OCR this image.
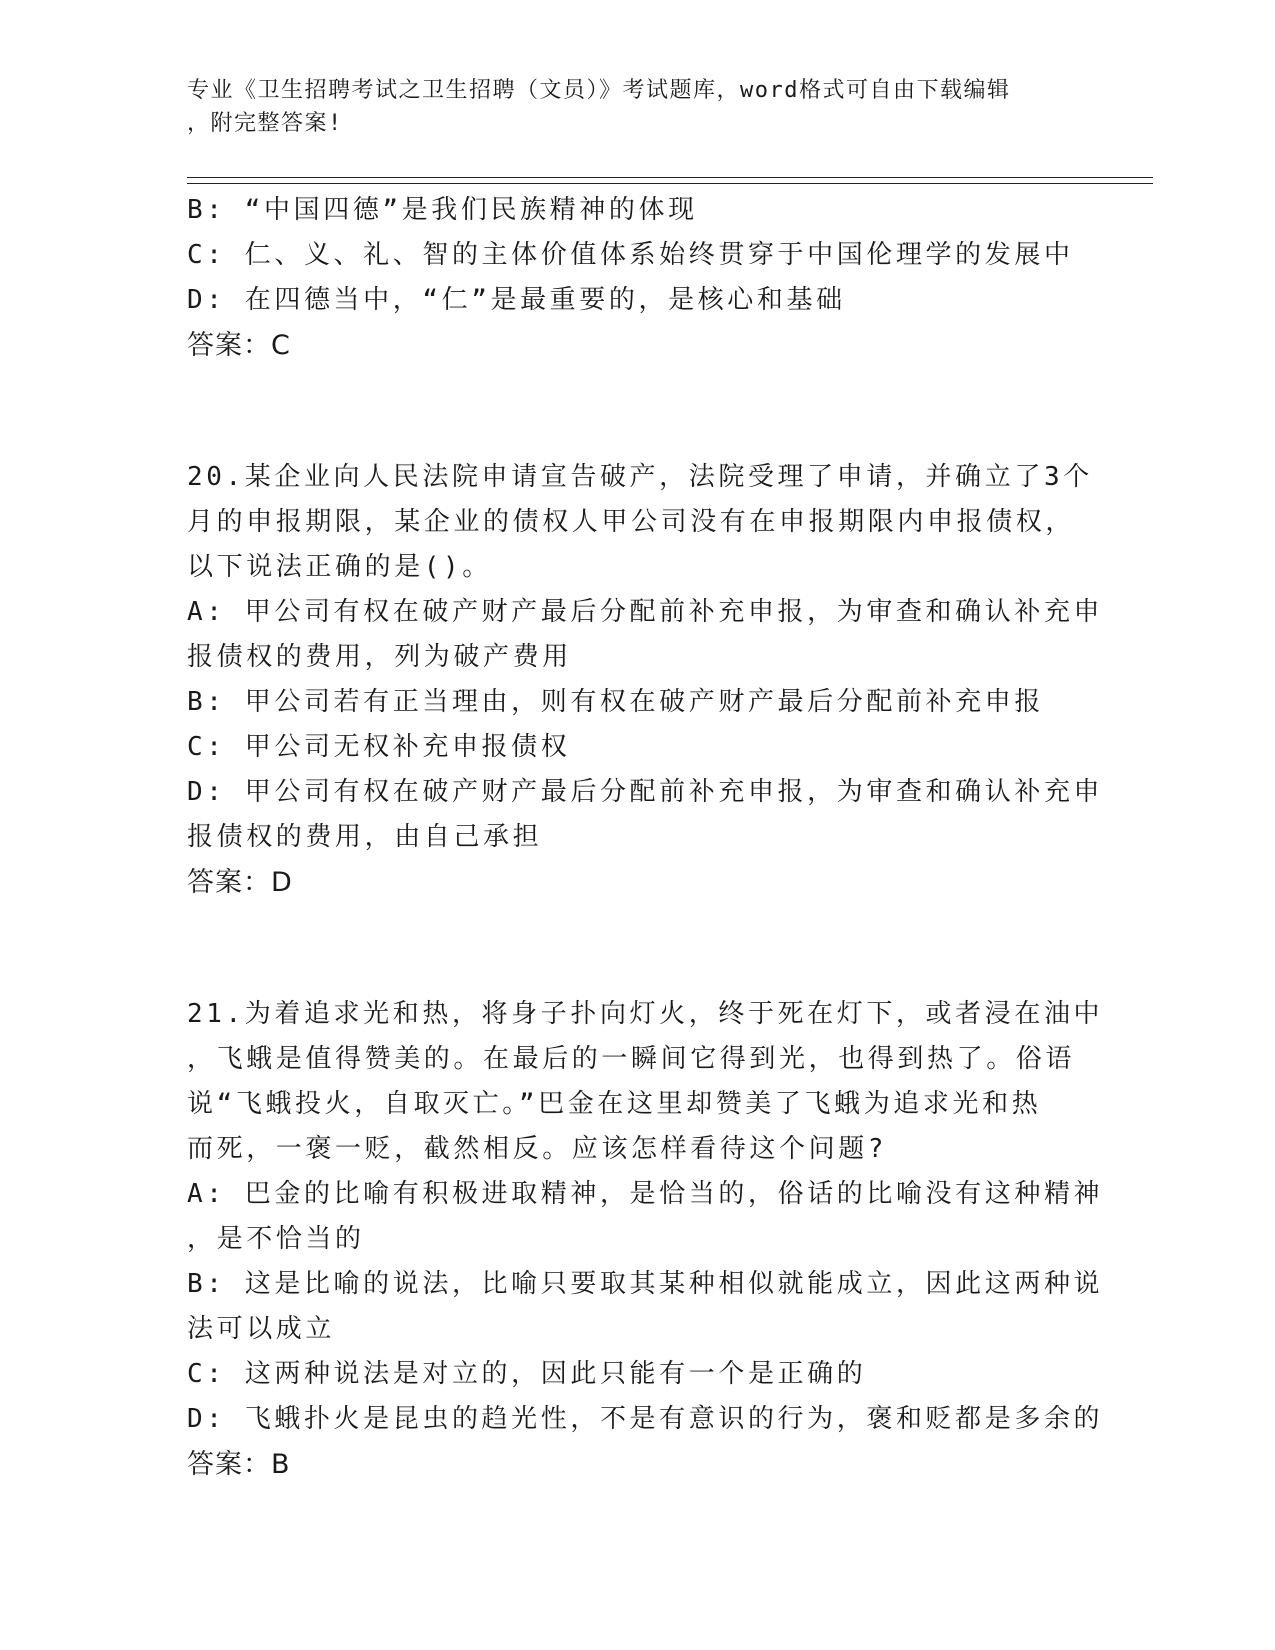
专业《卫生招聘考试之卫生招聘（文员）》考试题库，word格式可自由下载编辑
，附完整答案!
B: “中国四德”是我们民族精神的体现
C: 仁、义、礼、智的主体价值体系始终贯穿于中国伦理学的发展中
D: 在四德当中，“仁”是最重要的，是核心和基础
答案：C
20.某企业向人民法院申请宣告破产，法院受理了申请，并确立了3个
月的申报期限，某企业的债权人甲公司没有在申报期限内申报债权，
以下说法正确的是()。
A: 甲公司有权在破产财产最后分配前补充申报，为审查和确认补充申
报债权的费用，列为破产费用
B: 甲公司若有正当理由，则有权在破产财产最后分配前补充申报
C: 甲公司无权补充申报债权
D: 甲公司有权在破产财产最后分配前补充申报，为审查和确认补充申
报债权的费用，由自己承担
答案：D
21.为着追求光和热，将身子扑向灯火，终于死在灯下，或者浸在油中
，飞蛾是值得赞美的。在最后的一瞬间它得到光，也得到热了。俗语
说“飞蛾投火，自取灭亡。”巴金在这里却赞美了飞蛾为追求光和热
而死，一褒一贬，截然相反。应该怎样看待这个问题?
A: 巴金的比喻有积极进取精神，是恰当的，俗话的比喻没有这种精神
，是不恰当的
B: 这是比喻的说法，比喻只要取其某种相似就能成立，因此这两种说
法可以成立
C: 这两种说法是对立的，因此只能有一个是正确的
D: 飞蛾扑火是昆虫的趋光性，不是有意识的行为，褒和贬都是多余的
答案：B
